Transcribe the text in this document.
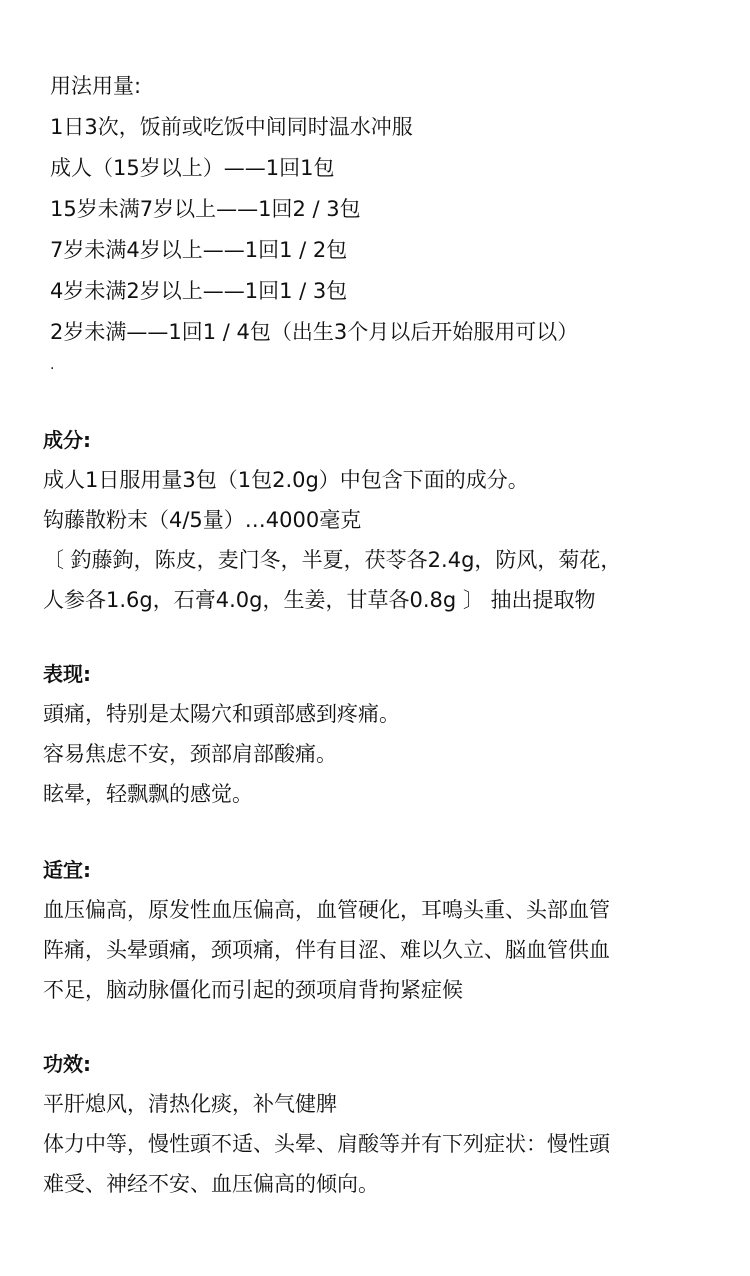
用法用量:
1日3次，饭前或吃饭中间同时温水冲服
成人（15岁以上）——1回1包
15岁未满7岁以上——1回2 / 3包
7岁未满4岁以上——1回1 / 2包
4岁未满2岁以上——1回1 / 3包
2岁未满——1回1 / 4包（出生3个月以后开始服用可以）
.
成分:
成人1日服用量3包（1包2.0g）中包含下面的成分。
钩藤散粉末（4/5量）…4000毫克
〔 釣藤鉤，陈皮，麦门冬，半夏，茯苓各2.4g，防风，菊花，
人参各1.6g，石膏4.0g，生姜，甘草各0.8g 〕 抽出提取物
表现:
頭痛，特别是太陽穴和頭部感到疼痛。
容易焦虑不安，颈部肩部酸痛。
眩晕，轻飘飘的感觉。
适宜:
血压偏高，原发性血压偏高，血管硬化，耳鳴头重、头部血管
阵痛，头晕頭痛，颈项痛，伴有目涩、难以久立、脳血管供血
不足，脑动脉僵化而引起的颈项肩背拘紧症候
功效:
平肝熄风，清热化痰，补气健脾
体力中等，慢性頭不适、头晕、肩酸等并有下列症状：慢性頭
难受、神经不安、血压偏高的倾向。
